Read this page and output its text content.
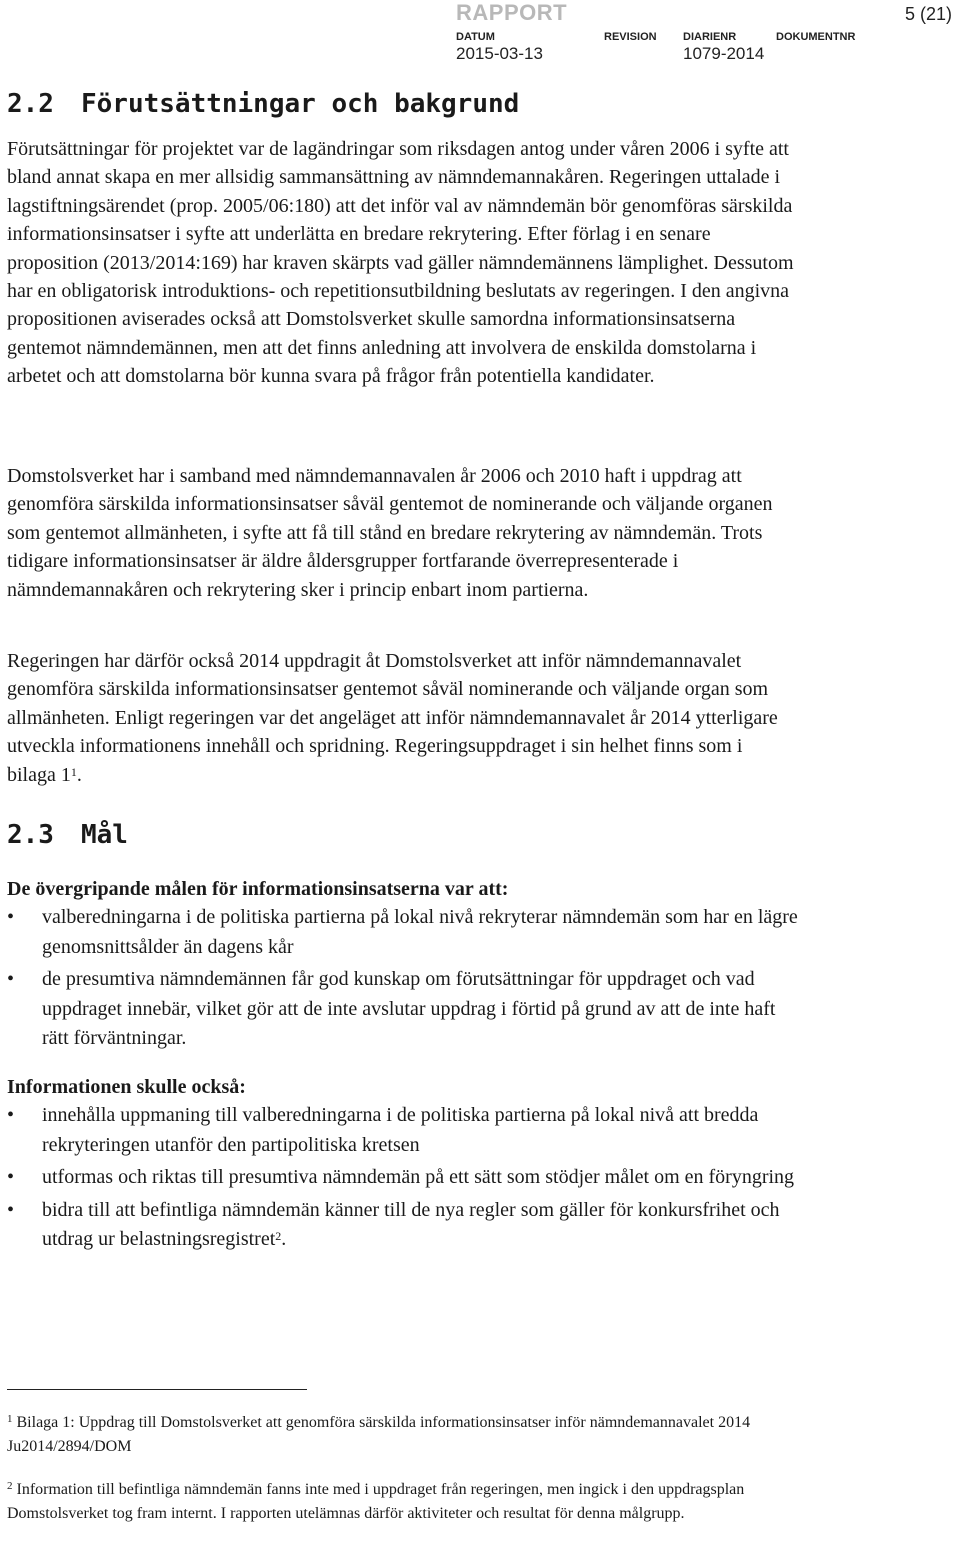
RAPPORT	5 (21)
DATUM
2015-03-13
REVISION DIARIENR
1079-2014
DOKUMENTNR
2.2 Förutsättningar och bakgrund

Förutsättningar för projektet var de lagändringar som riksdagen antog under våren 2006 i syfte att bland annat skapa en mer allsidig sammansättning av nämndemannakåren. Regeringen uttalade i lagstiftningsärendet (prop. 2005/06:180) att det inför val av nämndemän bör genomföras särskilda informationsinsatser i syfte att underlätta en bredare rekrytering. Efter förlag i en senare proposition (2013/2014:169) har kraven skärpts vad gäller nämndemännens lämplighet. Dessutom har en obligatorisk introduktions- och repetitionsutbildning beslutats av regeringen. I den angivna propositionen aviserades också att Domstolsverket skulle samordna informationsinsatserna gentemot nämndemännen, men att det finns anledning att involvera de enskilda domstolarna i arbetet och att domstolarna bör kunna svara på frågor från potentiella kandidater.

Domstolsverket har i samband med nämndemannavalen år 2006 och 2010 haft i uppdrag att genomföra särskilda informationsinsatser såväl gentemot de nominerande och väljande organen som gentemot allmänheten, i syfte att få till stånd en bredare rekrytering av nämndemän. Trots tidigare informationsinsatser är äldre åldersgrupper fortfarande överrepresenterade i nämndemannakåren och rekrytering sker i princip enbart inom partierna.

Regeringen har därför också 2014 uppdragit åt Domstolsverket att inför nämndemannavalet genomföra särskilda informationsinsatser gentemot såväl nominerande och väljande organ som allmänheten. Enligt regeringen var det angeläget att inför nämndemannavalet år 2014 ytterligare utveckla informationens innehåll och spridning. Regeringsuppdraget i sin helhet finns som i bilaga $1^1$.

2.3 Mål

De övergripande målen för informationsinsatserna var att:

• valberedningarna i de politiska partierna på lokal nivå rekryterar nämndemän som har en lägre genomsnittsålder än dagens kår
• de presumtiva nämndemännen får god kunskap om förutsättningar för uppdraget och vad uppdraget innebär, vilket gör att de inte avslutar uppdrag i förtid på grund av att de inte haft rätt förväntningar.

Informationen skulle också:

• innehålla uppmaning till valberedningarna i de politiska partierna på lokal nivå att bredda rekryteringen utanför den partipolitiska kretsen
• utformas och riktas till presumtiva nämndemän på ett sätt som stödjer målet om en föryngring
• bidra till att befintliga nämndemän känner till de nya regler som gäller för konkursfrihet och utdrag ur belastningsregistret$^2$.

$^1$ Bilaga 1: Uppdrag till Domstolsverket att genomföra särskilda informationsinsatser inför nämndemannavalet 2014 Ju2014/2894/DOM

$^2$ Information till befintliga nämndemän fanns inte med i uppdraget från regeringen, men ingick i den uppdragsplan Domstolsverket tog fram internt. I rapporten utelämnas därför aktiviteter och resultat för denna målgrupp.
